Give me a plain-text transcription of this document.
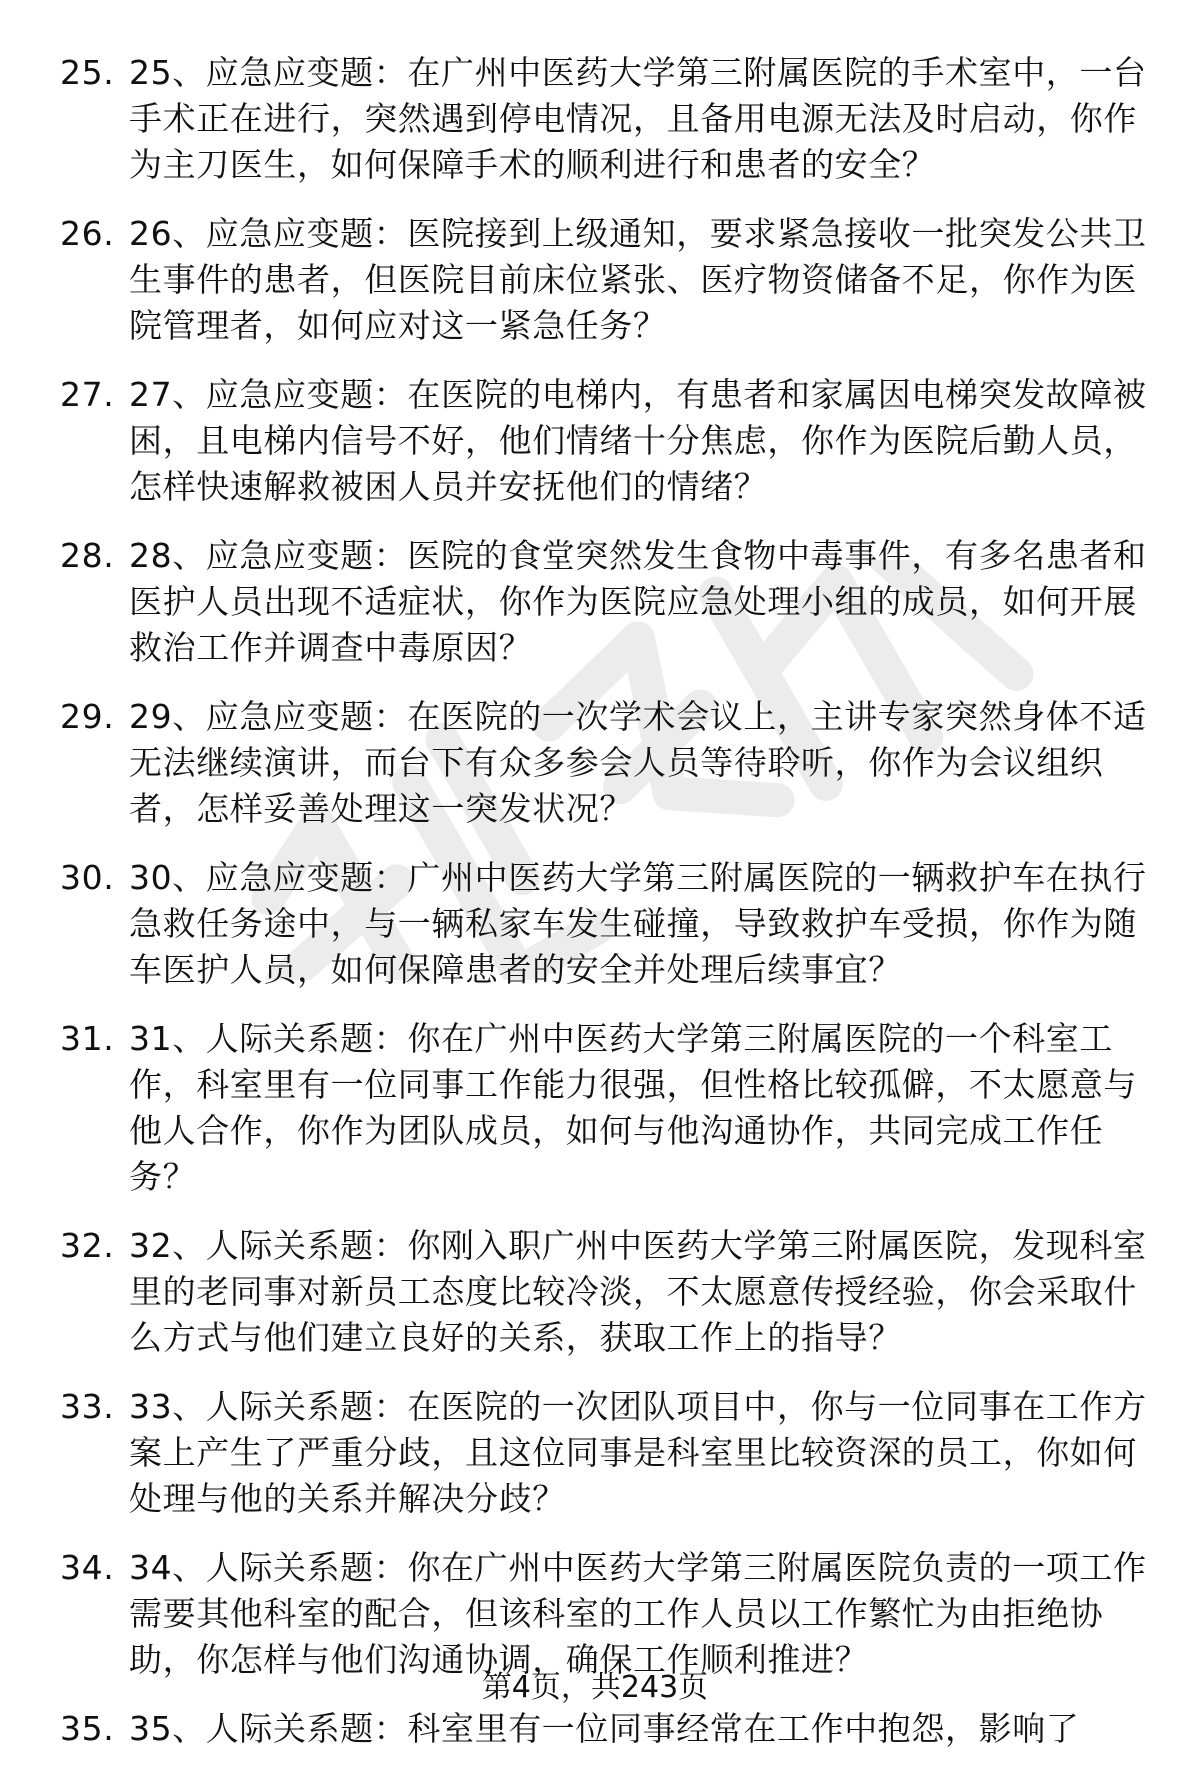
25. 25、应急应变题：在广州中医药大学第三附属医院的手术室中，一台手术正在进行，突然遇到停电情况，且备用电源无法及时启动，你作为主刀医生，如何保障手术的顺利进行和患者的安全？
26. 26、应急应变题：医院接到上级通知，要求紧急接收一批突发公共卫生事件的患者，但医院目前床位紧张、医疗物资储备不足，你作为医院管理者，如何应对这一紧急任务？
27. 27、应急应变题：在医院的电梯内，有患者和家属因电梯突发故障被困，且电梯内信号不好，他们情绪十分焦虑，你作为医院后勤人员，怎样快速解救被困人员并安抚他们的情绪？
28. 28、应急应变题：医院的食堂突然发生食物中毒事件，有多名患者和医护人员出现不适症状，你作为医院应急处理小组的成员，如何开展救治工作并调查中毒原因？
29. 29、应急应变题：在医院的一次学术会议上，主讲专家突然身体不适无法继续演讲，而台下有众多参会人员等待聆听，你作为会议组织者，怎样妥善处理这一突发状况？
30. 30、应急应变题：广州中医药大学第三附属医院的一辆救护车在执行急救任务途中，与一辆私家车发生碰撞，导致救护车受损，你作为随车医护人员，如何保障患者的安全并处理后续事宜？
31. 31、人际关系题：你在广州中医药大学第三附属医院的一个科室工作，科室里有一位同事工作能力很强，但性格比较孤僻，不太愿意与他人合作，你作为团队成员，如何与他沟通协作，共同完成工作任务？
32. 32、人际关系题：你刚入职广州中医药大学第三附属医院，发现科室里的老同事对新员工态度比较冷淡，不太愿意传授经验，你会采取什么方式与他们建立良好的关系，获取工作上的指导？
33. 33、人际关系题：在医院的一次团队项目中，你与一位同事在工作方案上产生了严重分歧，且这位同事是科室里比较资深的员工，你如何处理与他的关系并解决分歧？
34. 34、人际关系题：你在广州中医药大学第三附属医院负责的一项工作需要其他科室的配合，但该科室的工作人员以工作繁忙为由拒绝协助，你怎样与他们沟通协调，确保工作顺利推进？
35. 35、人际关系题：科室里有一位同事经常在工作中抱怨，影响了
第4页，共243页
